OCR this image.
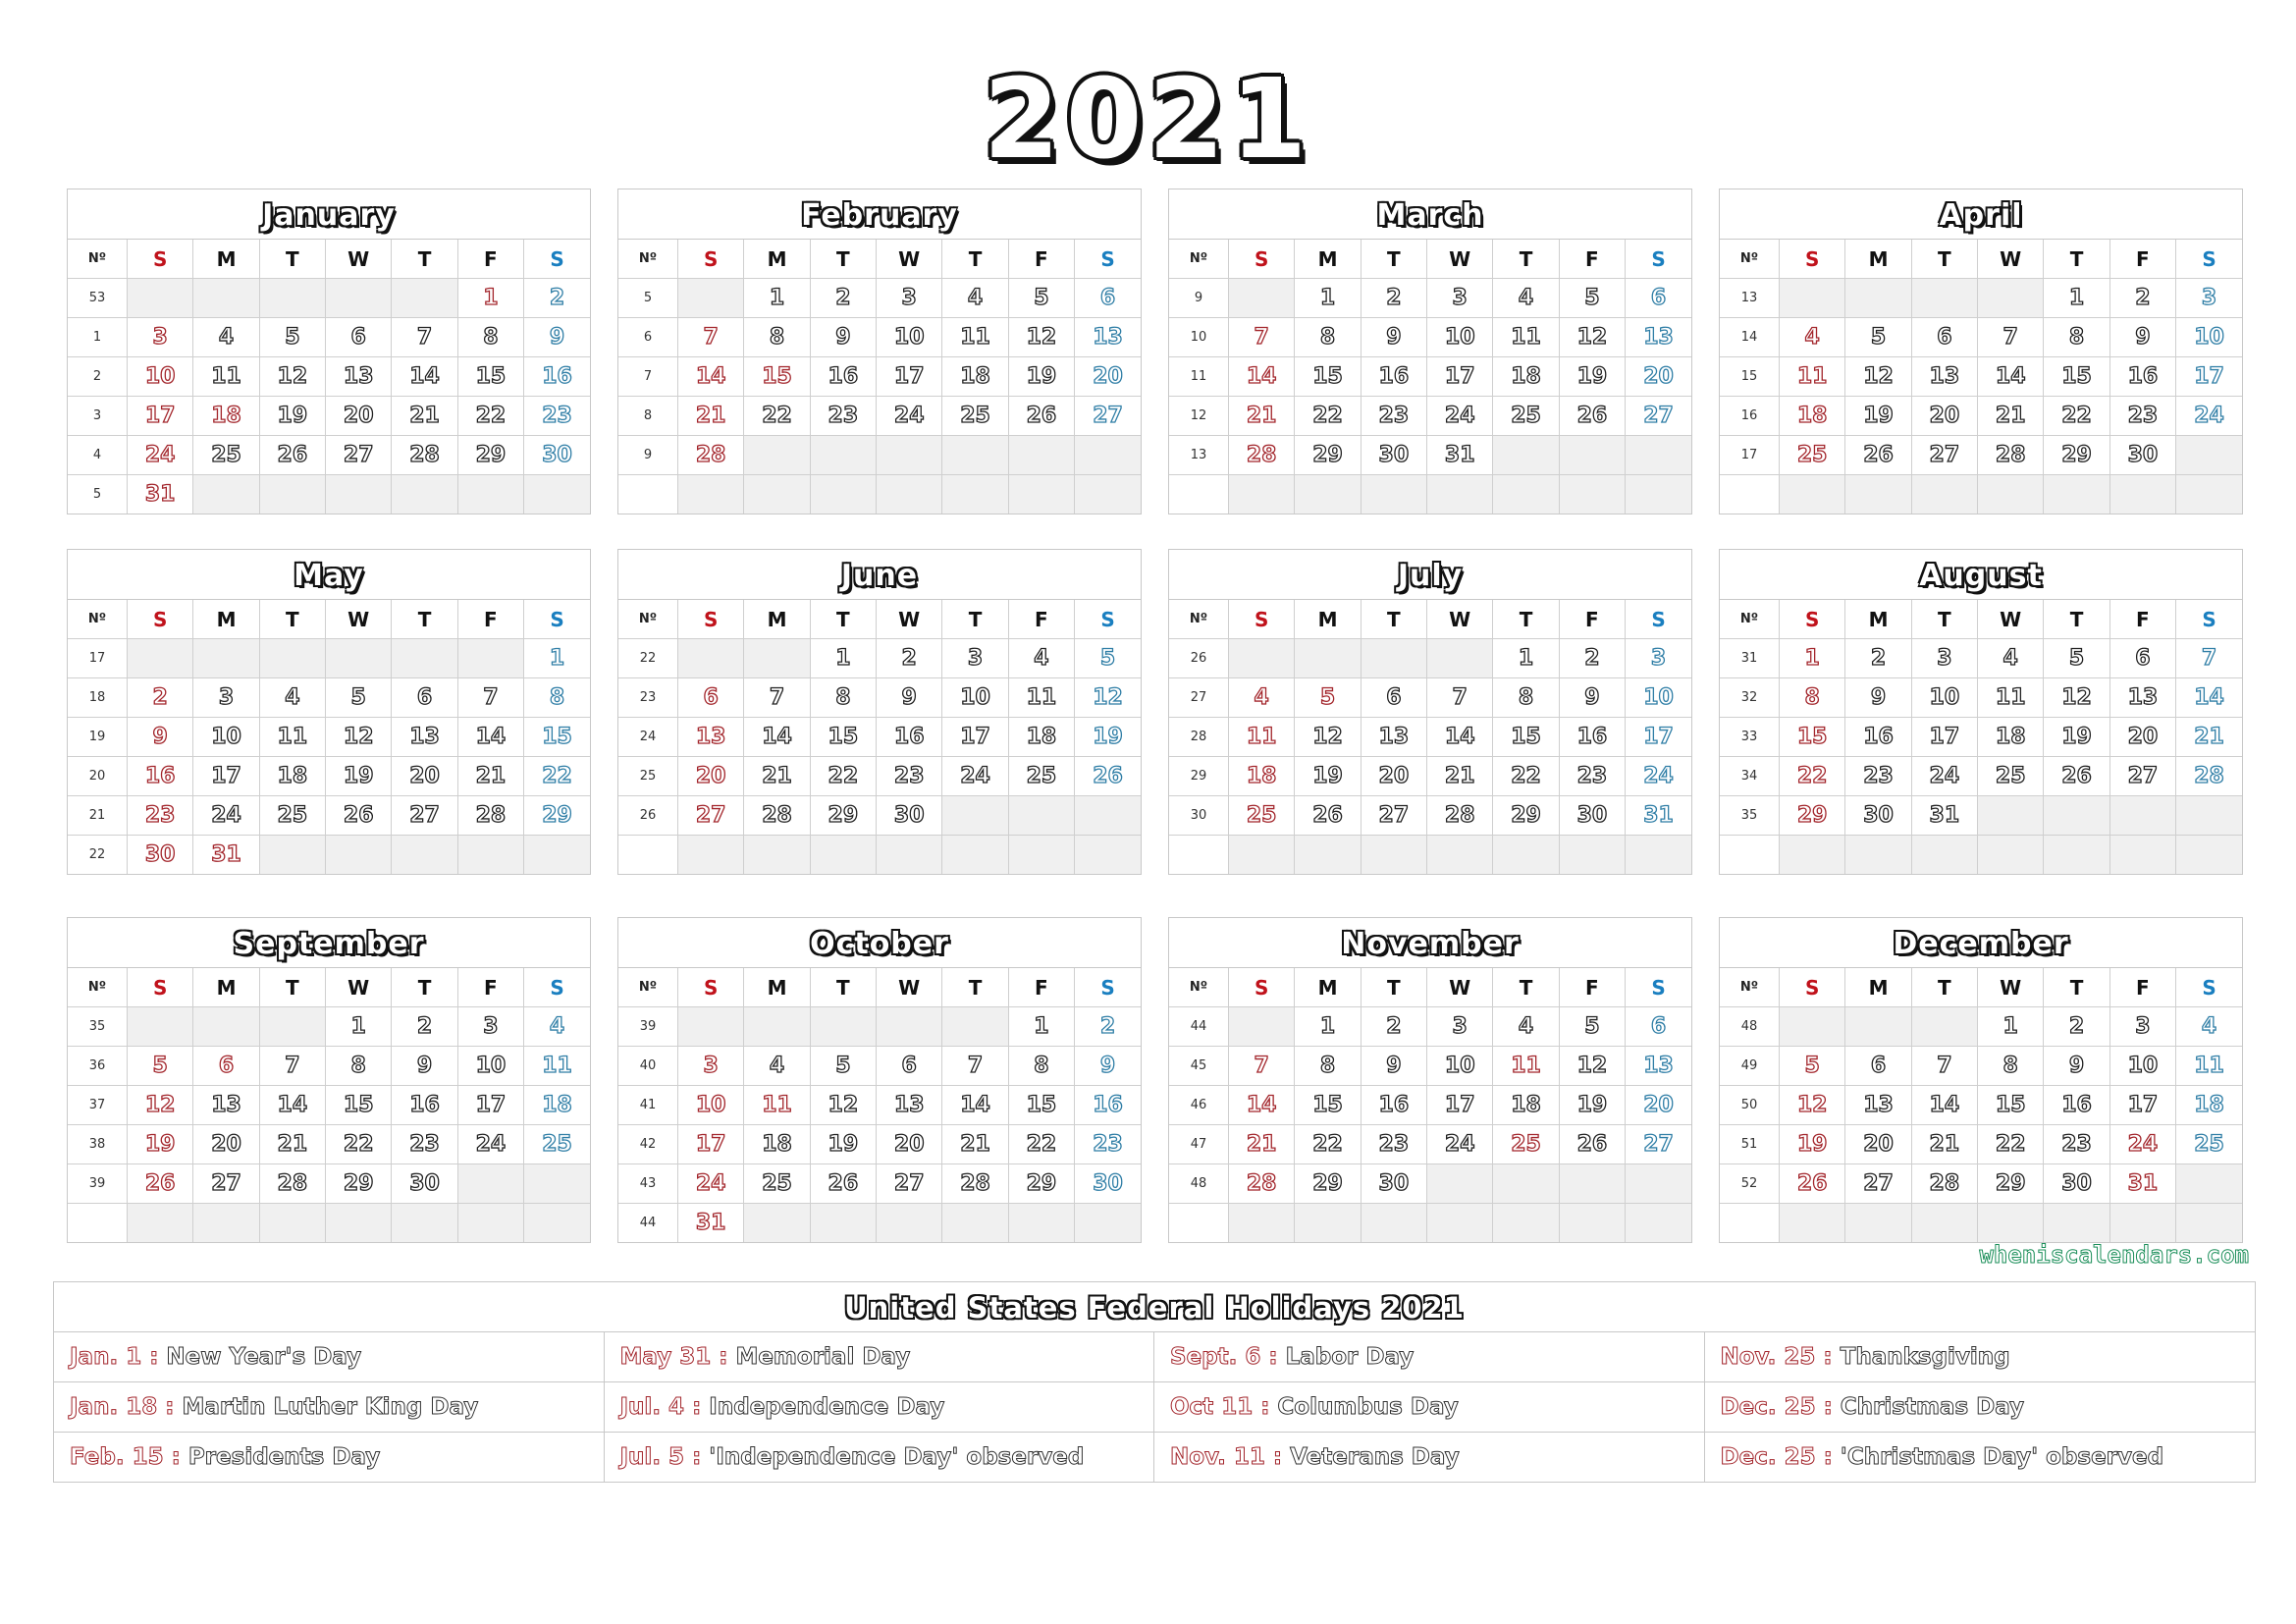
2021
January
Nº	S	M	T	W	T	F	S
53						1	2
1	3	4	5	6	7	8	9
2	10	11	12	13	14	15	16
3	17	18	19	20	21	22	23
4	24	25	26	27	28	29	30
5	31						
February
Nº	S	M	T	W	T	F	S
5		1	2	3	4	5	6
6	7	8	9	10	11	12	13
7	14	15	16	17	18	19	20
8	21	22	23	24	25	26	27
9	28						

March
Nº	S	M	T	W	T	F	S
9		1	2	3	4	5	6
10	7	8	9	10	11	12	13
11	14	15	16	17	18	19	20
12	21	22	23	24	25	26	27
13	28	29	30	31			

April
Nº	S	M	T	W	T	F	S
13					1	2	3
14	4	5	6	7	8	9	10
15	11	12	13	14	15	16	17
16	18	19	20	21	22	23	24
17	25	26	27	28	29	30	

May
Nº	S	M	T	W	T	F	S
17							1
18	2	3	4	5	6	7	8
19	9	10	11	12	13	14	15
20	16	17	18	19	20	21	22
21	23	24	25	26	27	28	29
22	30	31					
June
Nº	S	M	T	W	T	F	S
22			1	2	3	4	5
23	6	7	8	9	10	11	12
24	13	14	15	16	17	18	19
25	20	21	22	23	24	25	26
26	27	28	29	30			

July
Nº	S	M	T	W	T	F	S
26					1	2	3
27	4	5	6	7	8	9	10
28	11	12	13	14	15	16	17
29	18	19	20	21	22	23	24
30	25	26	27	28	29	30	31

August
Nº	S	M	T	W	T	F	S
31	1	2	3	4	5	6	7
32	8	9	10	11	12	13	14
33	15	16	17	18	19	20	21
34	22	23	24	25	26	27	28
35	29	30	31				

September
Nº	S	M	T	W	T	F	S
35				1	2	3	4
36	5	6	7	8	9	10	11
37	12	13	14	15	16	17	18
38	19	20	21	22	23	24	25
39	26	27	28	29	30		

October
Nº	S	M	T	W	T	F	S
39						1	2
40	3	4	5	6	7	8	9
41	10	11	12	13	14	15	16
42	17	18	19	20	21	22	23
43	24	25	26	27	28	29	30
44	31						
November
Nº	S	M	T	W	T	F	S
44		1	2	3	4	5	6
45	7	8	9	10	11	12	13
46	14	15	16	17	18	19	20
47	21	22	23	24	25	26	27
48	28	29	30				

December
Nº	S	M	T	W	T	F	S
48				1	2	3	4
49	5	6	7	8	9	10	11
50	12	13	14	15	16	17	18
51	19	20	21	22	23	24	25
52	26	27	28	29	30	31	

wheniscalendars.com
United States Federal Holidays 2021
Jan. 1 : New Year's Day	May 31 : Memorial Day	Sept. 6 : Labor Day	Nov. 25 : Thanksgiving
Jan. 18 : Martin Luther King Day	Jul. 4 : Independence Day	Oct 11 : Columbus Day	Dec. 25 : Christmas Day
Feb. 15 : Presidents Day	Jul. 5 : 'Independence Day' observed	Nov. 11 : Veterans Day	Dec. 25 : 'Christmas Day' observed
